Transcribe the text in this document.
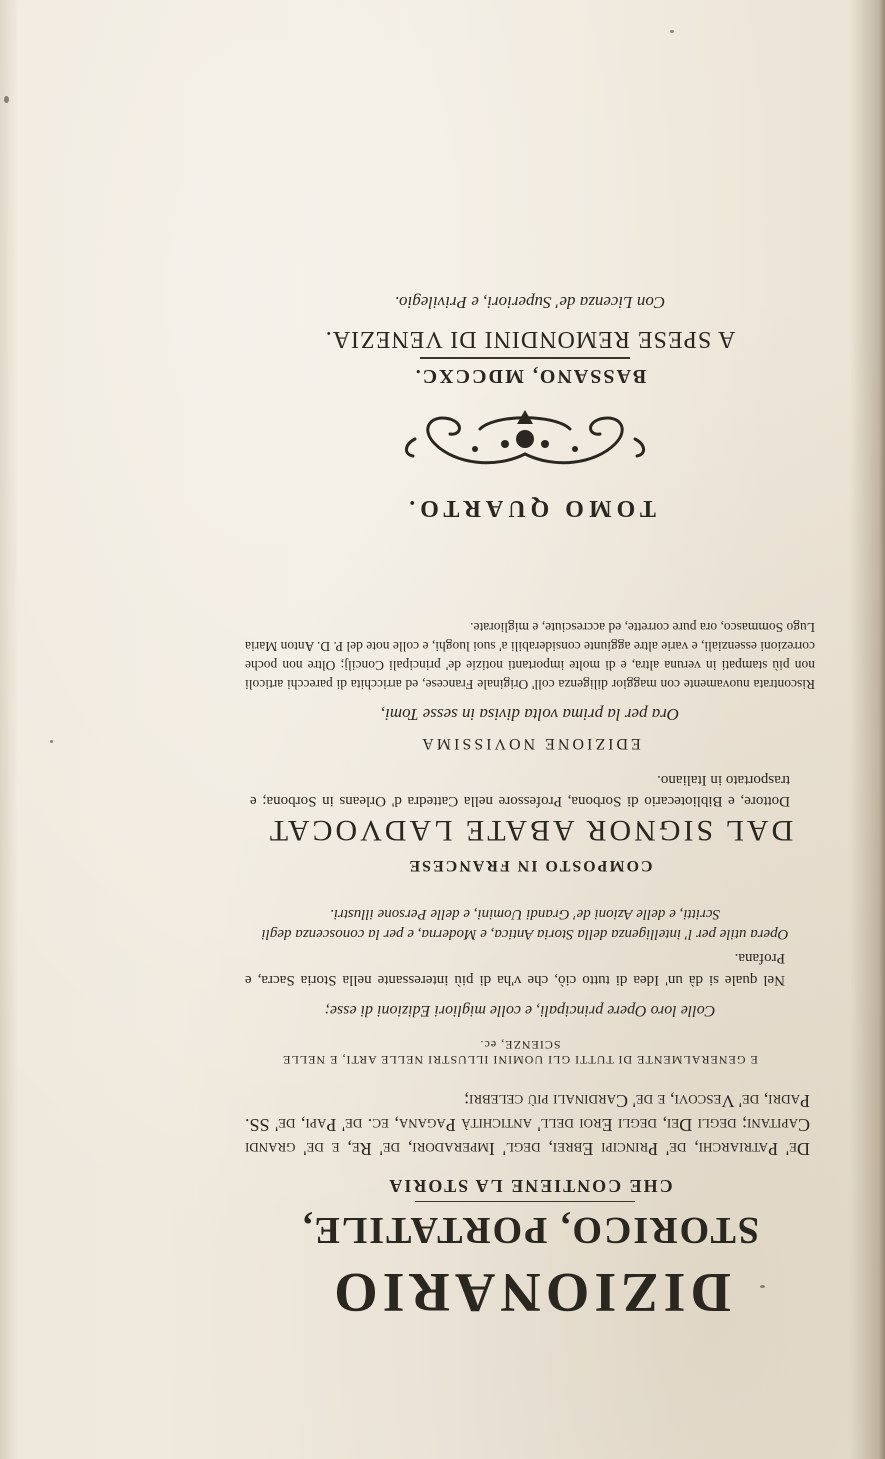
DIZIONARIO

STORICO, PORTATILE,

CHE CONTIENE LA STORIA

De' Patriarchi, de' Principi Ebrei, degl' Imperadori, de' Re, e de' grandi Capitani; degli Dei, degli Eroi dell' antichità Pagana, ec. de' Papi, de' SS. Padri, de' Vescovi, e de' Cardinali più celebri;

E GENERALMENTE DI TUTTI GLI UOMINI ILLUSTRI NELLE ARTI, E NELLE SCIENZE, ec.

Colle loro Opere principali, e colle migliori Edizioni di esse;

Nel quale si dà un' Idea di tutto ciò, che v'ha di più interessante nella Storia Sacra, e Profana.

Opera utile per l' intelligenza della Storia Antica, e Moderna, e per la conoscenza degli Scritti, e delle Azioni de' Grandi Uomini, e delle Persone illustri.

COMPOSTO IN FRANCESE

DAL SIGNOR ABATE LADVOCAT

Dottore, e Bibliotecario di Sorbona, Professore nella Cattedra d' Orleans in Sorbona; e trasportato in Italiano.

EDIZIONE NOVISSIMA

Ora per la prima volta divisa in sesse Tomi,

Riscontrata nuovamente con maggior diligenza coll' Originale Francese, ed arricchita di parecchi articoli non più stampati in veruna altra, e di molte importanti notizie de' principali Concilj; Oltre non poche correzioni essenziali, e varie altre aggiunte considerabili a' suoi luoghi, e colle note del P. D. Anton Maria Lugo Sommasco, ora pure corrette, ed accresciute, e migliorate.

TOMO QUARTO.

BASSANO, MDCCXC.

A SPESE REMONDINI DI VENEZIA.

Con Licenza de' Superiori, e Privilegio.
